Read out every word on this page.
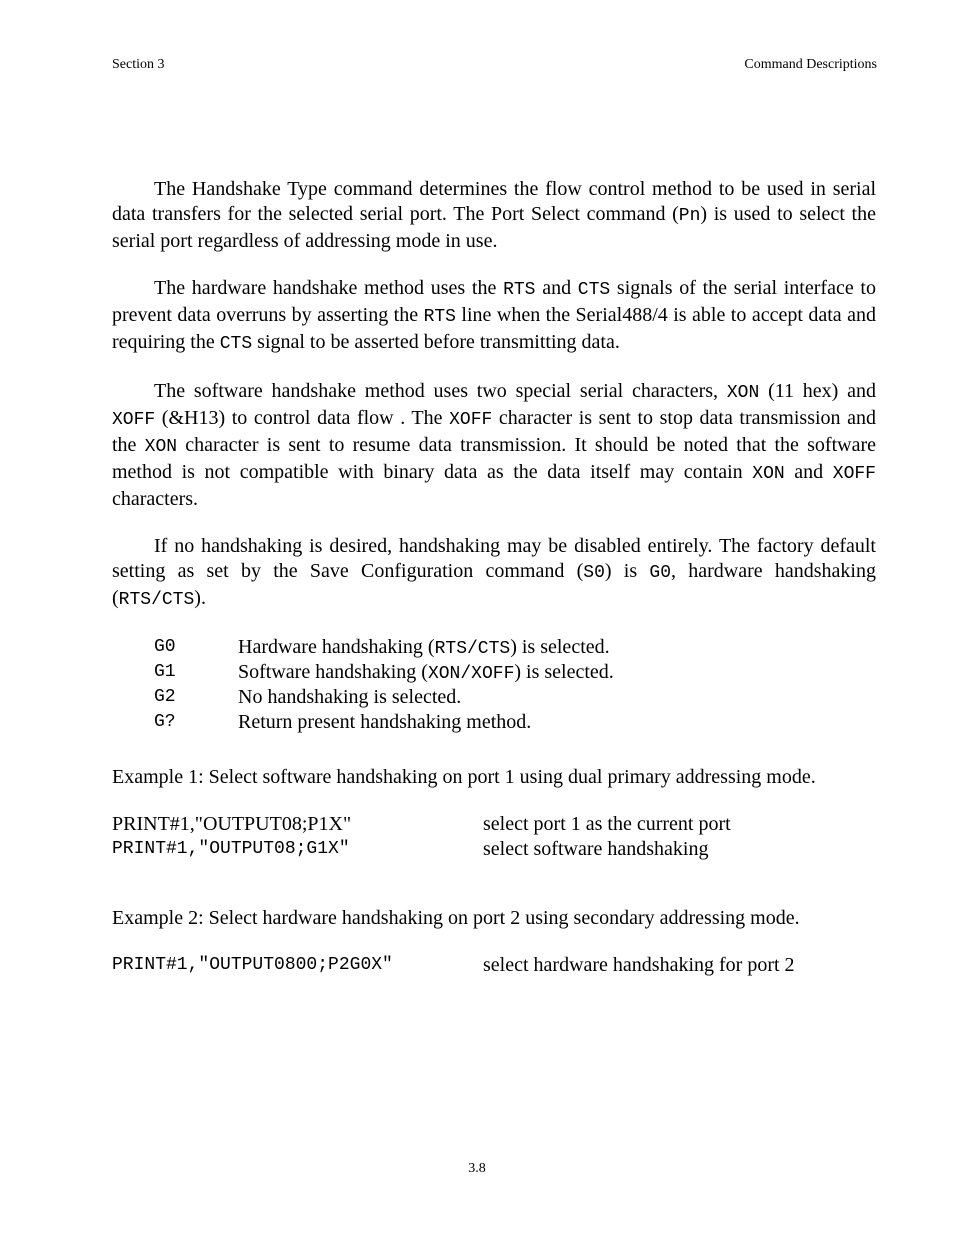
Section 3	Command Descriptions

The Handshake Type command determines the flow control method to be used in serial data transfers for the selected serial port. The Port Select command (Pn) is used to select the serial port regardless of addressing mode in use.

The hardware handshake method uses the RTS and CTS signals of the serial interface to prevent data overruns by asserting the RTS line when the Serial488/4 is able to accept data and requiring the CTS signal to be asserted before transmitting data.

The software handshake method uses two special serial characters, XON (11 hex) and XOFF (&H13) to control data flow . The XOFF character is sent to stop data transmission and the XON character is sent to resume data transmission. It should be noted that the software method is not compatible with binary data as the data itself may contain XON and XOFF characters.

If no handshaking is desired, handshaking may be disabled entirely. The factory default setting as set by the Save Configuration command (S0) is G0, hardware handshaking (RTS/CTS).

G0	Hardware handshaking (RTS/CTS) is selected.
G1	Software handshaking (XON/XOFF) is selected.
G2	No handshaking is selected.
G?	Return present handshaking method.

Example 1: Select software handshaking on port 1 using dual primary addressing mode.

PRINT#1,"OUTPUT08;P1X"	select port 1 as the current port
PRINT#1,"OUTPUT08;G1X"	select software handshaking

Example 2: Select hardware handshaking on port 2 using secondary addressing mode.

PRINT#1,"OUTPUT0800;P2G0X"	select hardware handshaking for port 2
3.8
